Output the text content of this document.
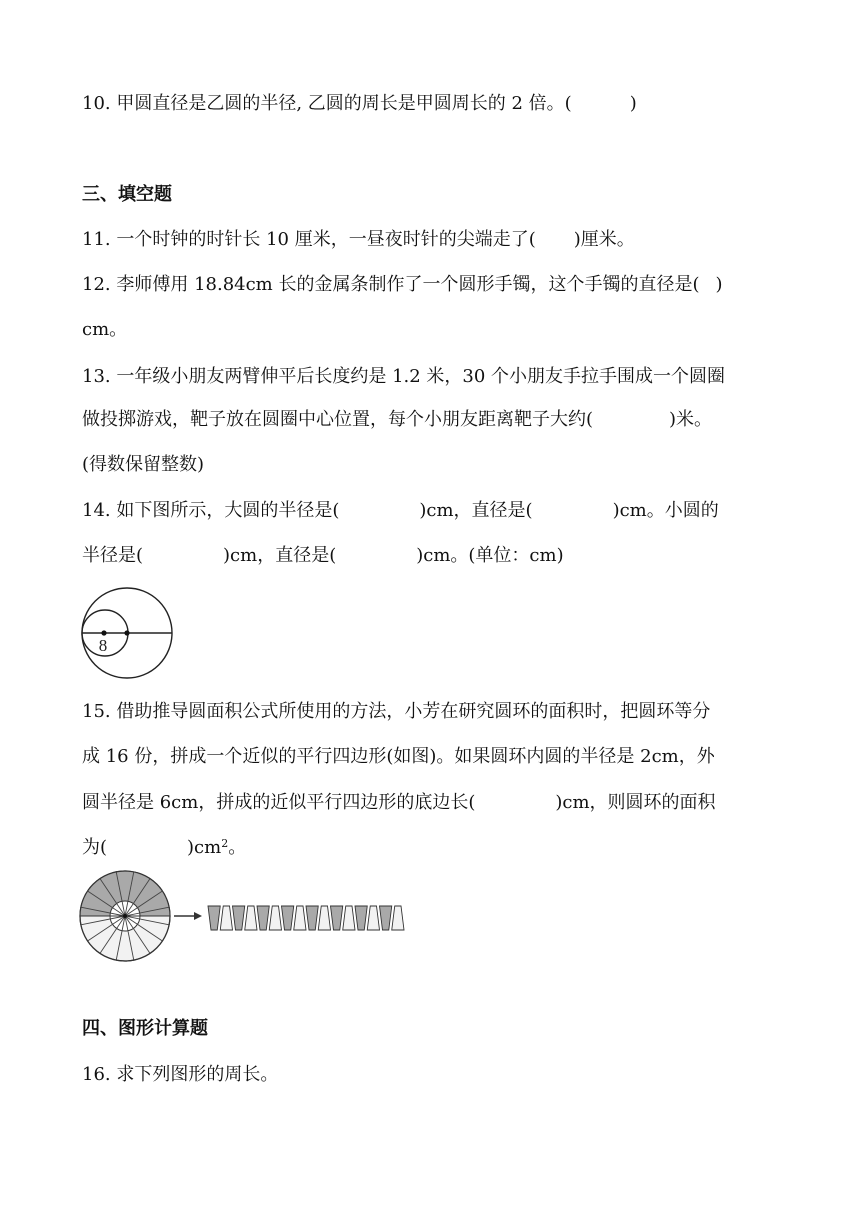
10. 甲圆直径是乙圆的半径, 乙圆的周长是甲圆周长的 2 倍。(	)
三、填空题
11. 一个时钟的时针长 10 厘米，一昼夜时针的尖端走了( )厘米。
12. 李师傅用 18.84cm 长的金属条制作了一个圆形手镯，这个手镯的直径是( )
cm。
13. 一年级小朋友两臂伸平后长度约是 1.2 米，30 个小朋友手拉手围成一个圆圈
做投掷游戏，靶子放在圆圈中心位置，每个小朋友距离靶子大约(	)米。
(得数保留整数)
14. 如下图所示，大圆的半径是(	)cm，直径是(	)cm。小圆的
半径是(	)cm，直径是(	)cm。(单位：cm)
8
15. 借助推导圆面积公式所使用的方法，小芳在研究圆环的面积时，把圆环等分
成 16 份，拼成一个近似的平行四边形(如图)。如果圆环内圆的半径是 2cm，外
圆半径是 6cm，拼成的近似平行四边形的底边长(	)cm，则圆环的面积
为(	)$cm^2$。
四、图形计算题
16. 求下列图形的周长。
